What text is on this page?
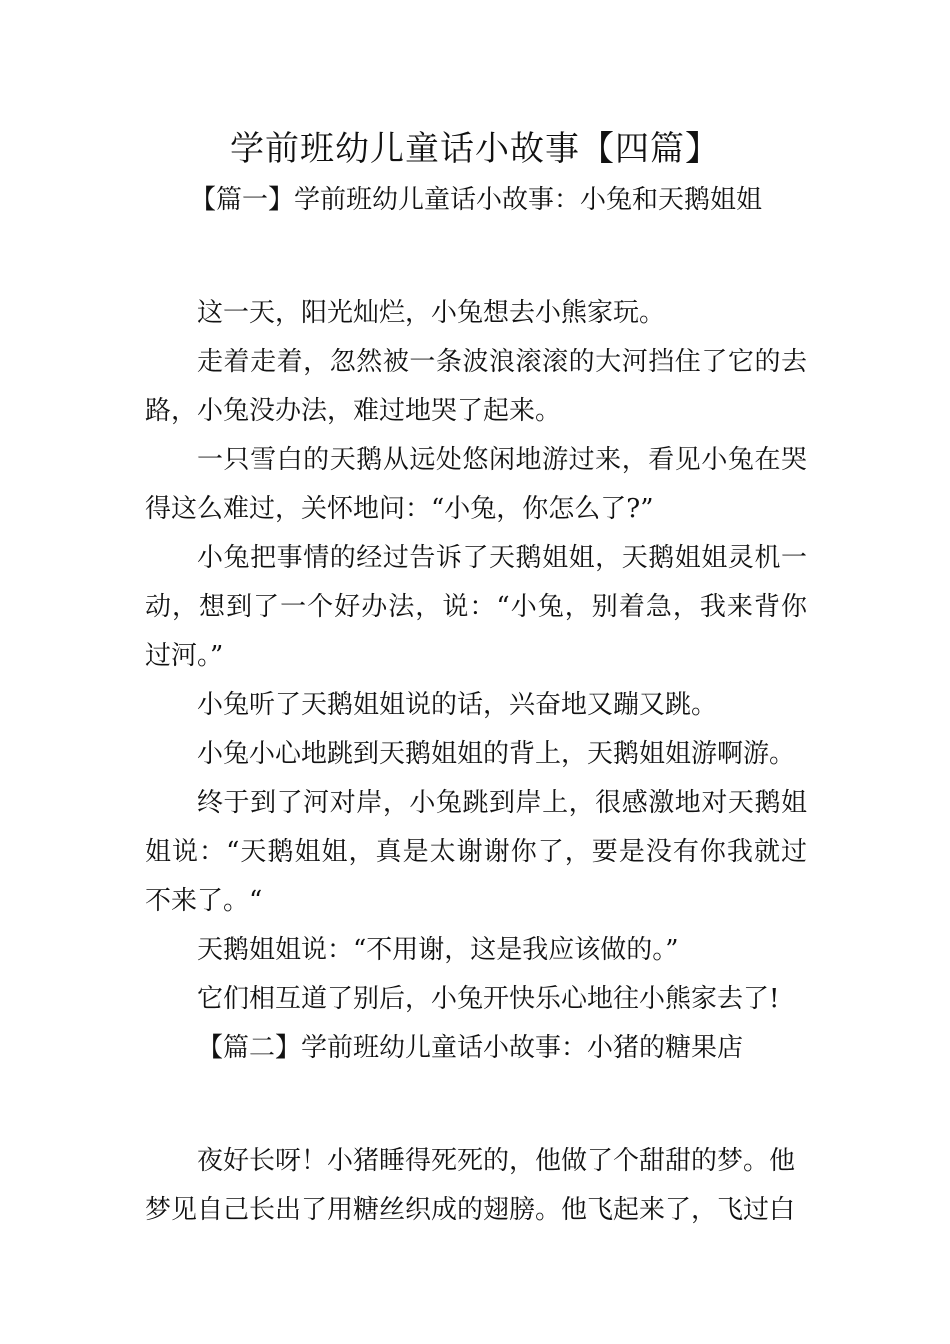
学前班幼儿童话小故事【四篇】

【篇一】学前班幼儿童话小故事：小兔和天鹅姐姐

这一天，阳光灿烂，小兔想去小熊家玩。

走着走着，忽然被一条波浪滚滚的大河挡住了它的去路，小兔没办法，难过地哭了起来。

一只雪白的天鹅从远处悠闲地游过来，看见小兔在哭得这么难过，关怀地问：“小兔，你怎么了?”

小兔把事情的经过告诉了天鹅姐姐，天鹅姐姐灵机一动，想到了一个好办法，说：“小兔，别着急，我来背你过河。”

小兔听了天鹅姐姐说的话，兴奋地又蹦又跳。

小兔小心地跳到天鹅姐姐的背上，天鹅姐姐游啊游。

终于到了河对岸，小兔跳到岸上，很感激地对天鹅姐姐说：“天鹅姐姐，真是太谢谢你了，要是没有你我就过不来了。“

天鹅姐姐说：“不用谢，这是我应该做的。”

它们相互道了别后，小兔开快乐心地往小熊家去了!

【篇二】学前班幼儿童话小故事：小猪的糖果店

夜好长呀！小猪睡得死死的，他做了个甜甜的梦。他梦见自己长出了用糖丝织成的翅膀。他飞起来了，飞过白
